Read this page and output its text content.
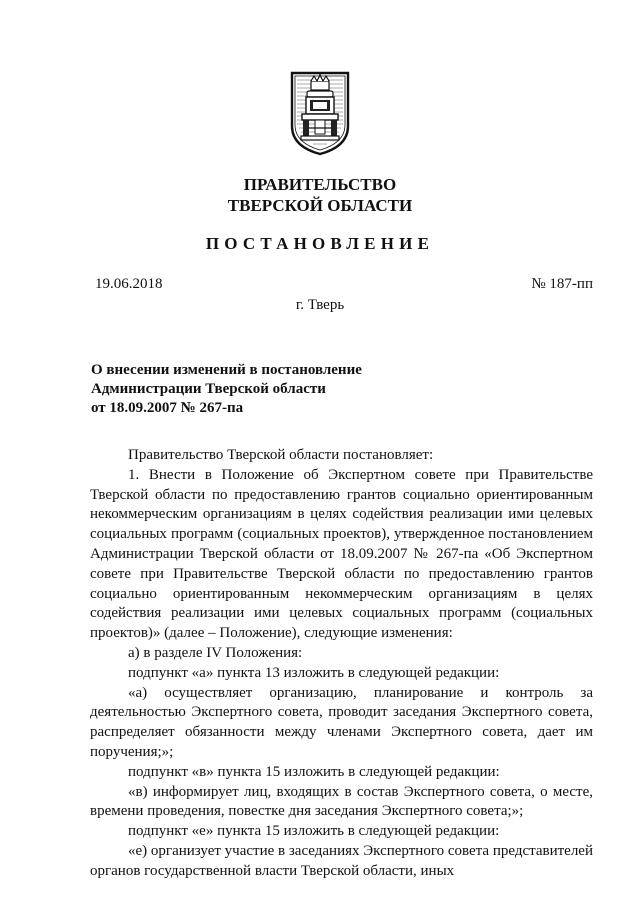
ПРАВИТЕЛЬСТВО
ТВЕРСКОЙ ОБЛАСТИ
ПОСТАНОВЛЕНИЕ
19.06.2018	№ 187-пп
г. Тверь
О внесении изменений в постановление
Администрации Тверской области
от 18.09.2007 № 267-па

Правительство Тверской области постановляет:

1. Внести в Положение об Экспертном совете при Правительстве Тверской области по предоставлению грантов социально ориентированным некоммерческим организациям в целях содействия реализации ими целевых социальных программ (социальных проектов), утвержденное постановлением Администрации Тверской области от 18.09.2007 № 267-па «Об Экспертном совете при Правительстве Тверской области по предоставлению грантов социально ориентированным некоммерческим организациям в целях содействия реализации ими целевых социальных программ (социальных проектов)» (далее – Положение), следующие изменения:

а) в разделе IV Положения:

подпункт «а» пункта 13 изложить в следующей редакции:

«а) осуществляет организацию, планирование и контроль за деятельностью Экспертного совета, проводит заседания Экспертного совета, распределяет обязанности между членами Экспертного совета, дает им поручения;»;

подпункт «в» пункта 15 изложить в следующей редакции:

«в) информирует лиц, входящих в состав Экспертного совета, о месте, времени проведения, повестке дня заседания Экспертного совета;»;

подпункт «е» пункта 15 изложить в следующей редакции:

«е) организует участие в заседаниях Экспертного совета представителей органов государственной власти Тверской области, иных
